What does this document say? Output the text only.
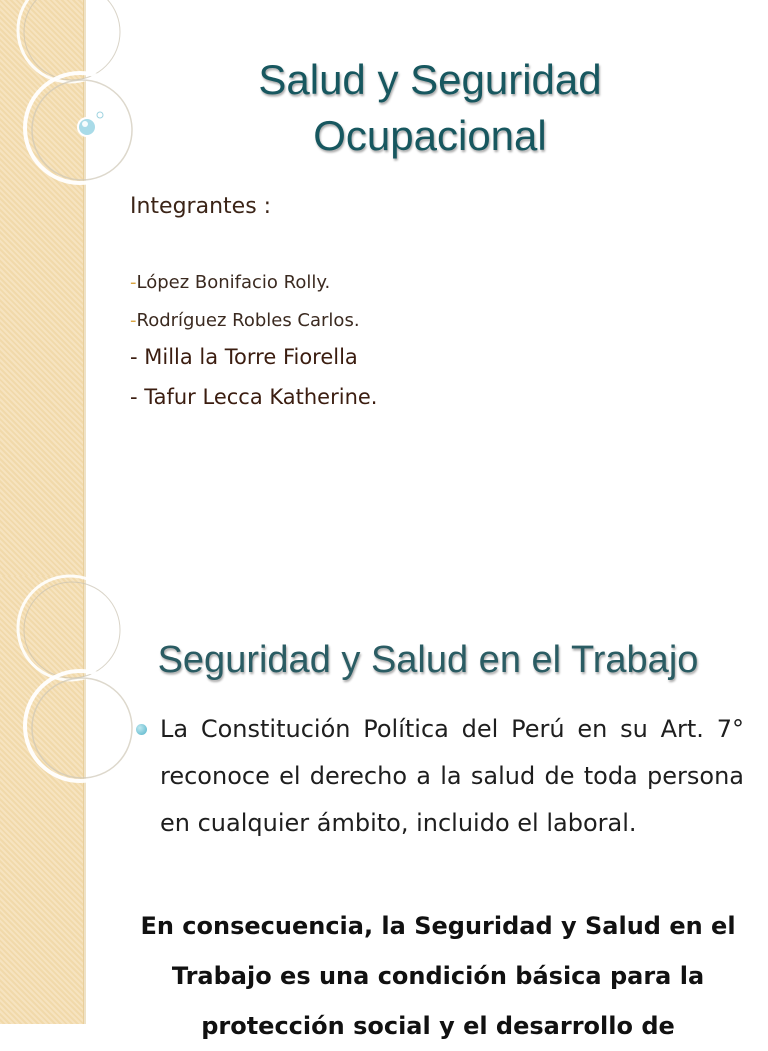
Salud y Seguridad
Ocupacional
Integrantes :
-López Bonifacio Rolly.
-Rodríguez Robles Carlos.
- Milla la Torre Fiorella
- Tafur Lecca Katherine.
Seguridad y Salud en el Trabajo
La Constitución Política del Perú en su Art. 7° reconoce el derecho a la salud de toda persona en cualquier ámbito, incluido el laboral.
En consecuencia, la Seguridad y Salud en el Trabajo es una condición básica para la protección social y el desarrollo de
